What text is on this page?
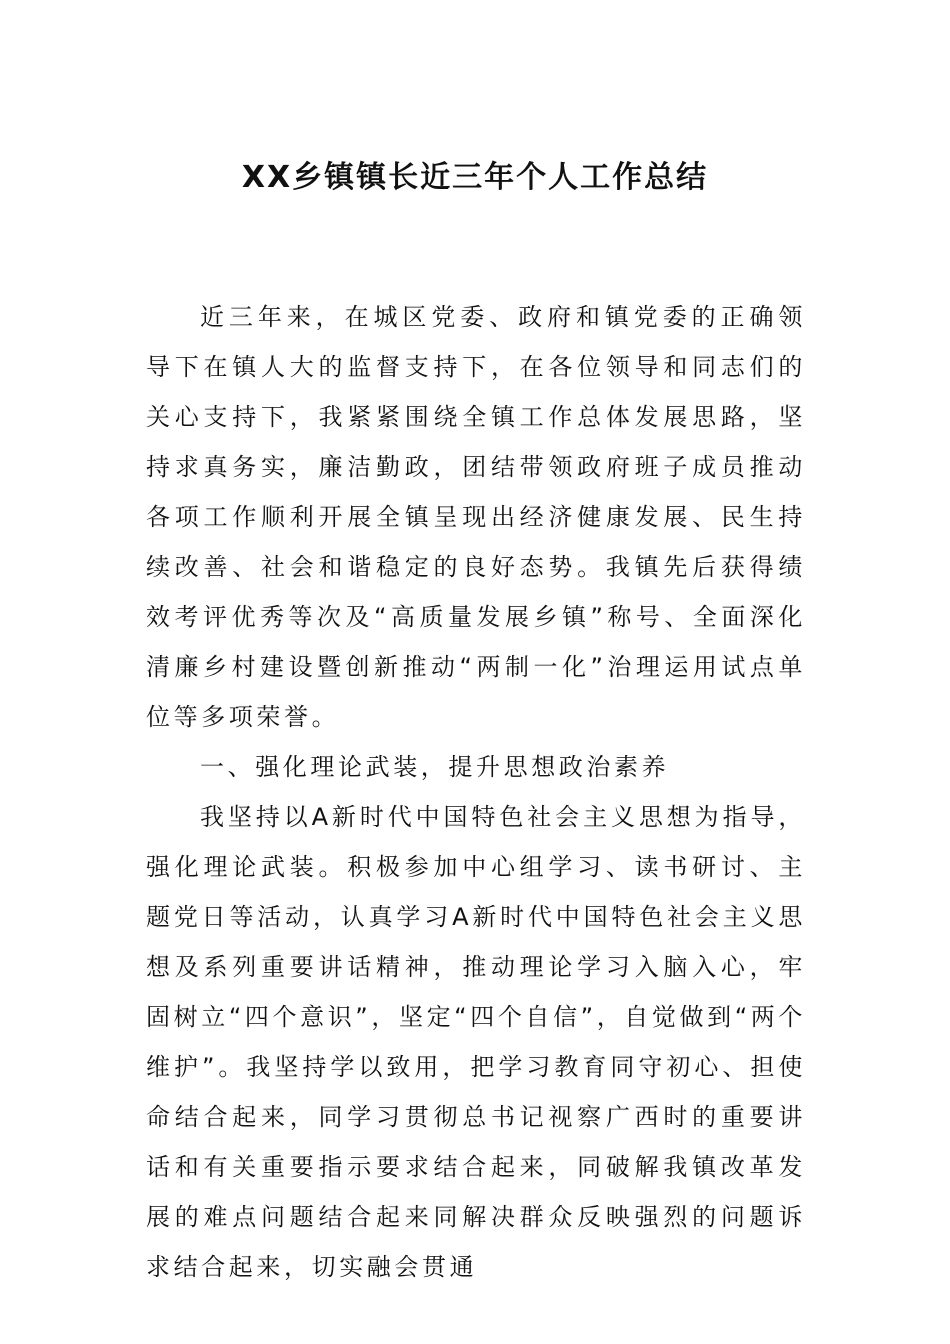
XX乡镇镇长近三年个人工作总结

近三年来，在城区党委、政府和镇党委的正确领导下在镇人大的监督支持下，在各位领导和同志们的关心支持下，我紧紧围绕全镇工作总体发展思路，坚持求真务实，廉洁勤政，团结带领政府班子成员推动各项工作顺利开展全镇呈现出经济健康发展、民生持续改善、社会和谐稳定的良好态势。我镇先后获得绩效考评优秀等次及“高质量发展乡镇”称号、全面深化清廉乡村建设暨创新推动“两制一化”治理运用试点单位等多项荣誉。

一、强化理论武装，提升思想政治素养

我坚持以A新时代中国特色社会主义思想为指导，强化理论武装。积极参加中心组学习、读书研讨、主题党日等活动，认真学习A新时代中国特色社会主义思想及系列重要讲话精神，推动理论学习入脑入心，牢固树立“四个意识”，坚定“四个自信”，自觉做到“两个维护”。我坚持学以致用，把学习教育同守初心、担使命结合起来，同学习贯彻总书记视察广西时的重要讲话和有关重要指示要求结合起来，同破解我镇改革发展的难点问题结合起来同解决群众反映强烈的问题诉求结合起来，切实融会贯通
